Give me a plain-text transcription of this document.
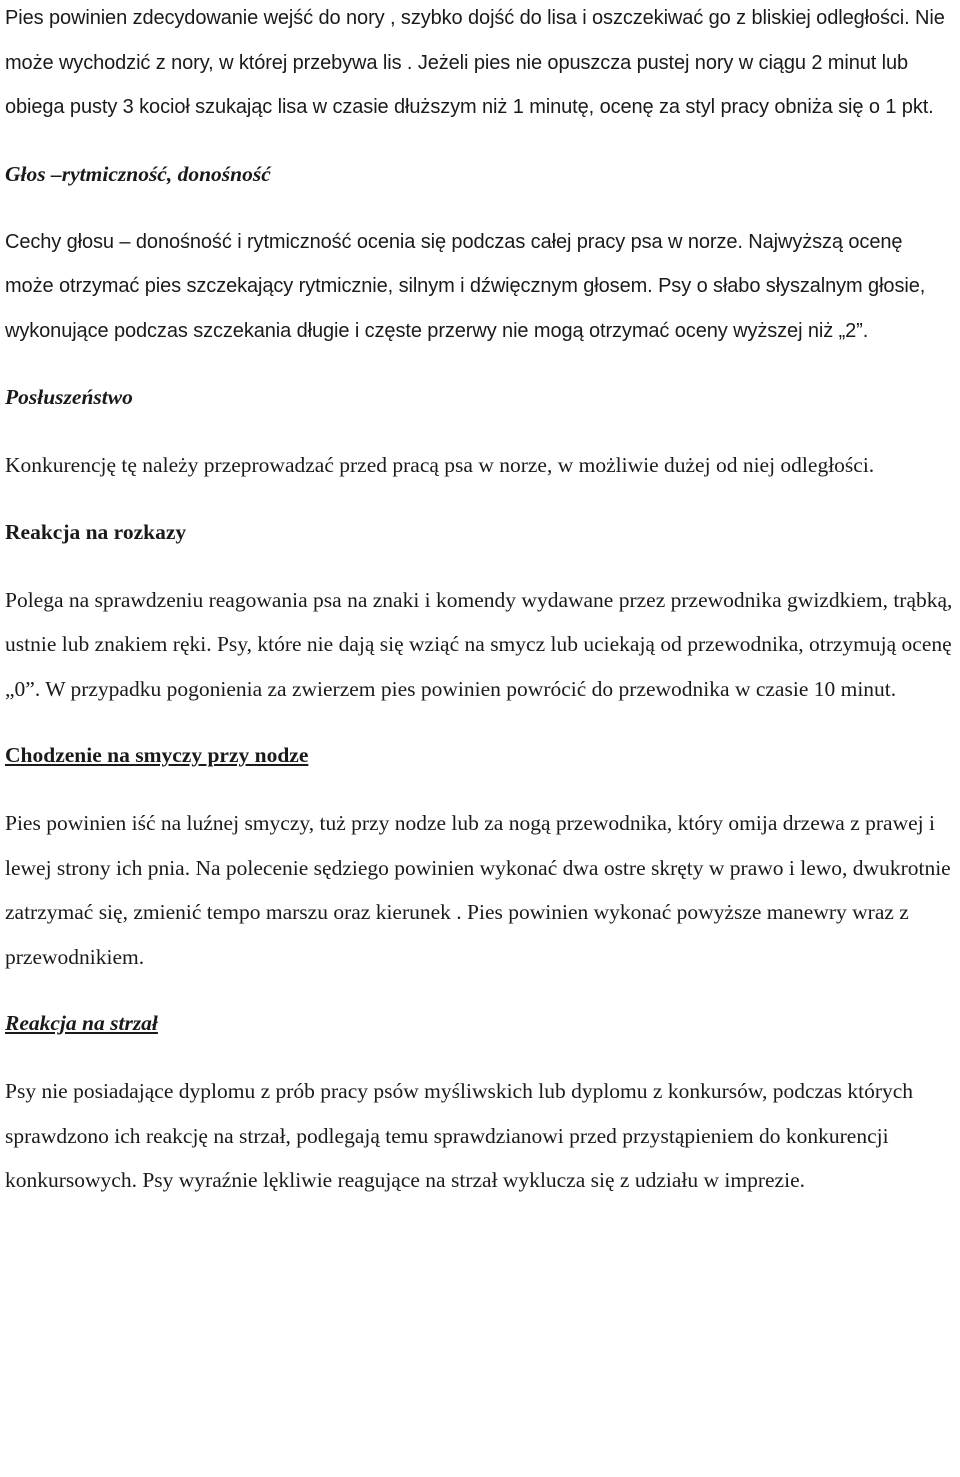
Pies powinien zdecydowanie wejść do nory , szybko dojść do lisa i oszczekiwać go z bliskiej odległości. Nie może wychodzić z nory, w której przebywa lis . Jeżeli pies nie opuszcza pustej nory w ciągu 2 minut lub obiega pusty 3 kocioł szukając lisa w czasie dłuższym niż 1 minutę, ocenę za styl pracy obniża się o 1 pkt.

Głos –rytmiczność, donośność

Cechy głosu – donośność i rytmiczność ocenia się podczas całej pracy psa w norze. Najwyższą ocenę może otrzymać pies szczekający rytmicznie, silnym i dźwięcznym głosem. Psy o słabo słyszalnym głosie, wykonujące podczas szczekania długie i częste przerwy nie mogą otrzymać oceny wyższej niż „2”.

Posłuszeństwo

Konkurencję tę należy przeprowadzać przed pracą psa w norze, w możliwie dużej od niej odległości.

Reakcja na rozkazy

Polega na sprawdzeniu reagowania psa na znaki i komendy wydawane przez przewodnika gwizdkiem, trąbką, ustnie lub znakiem ręki. Psy, które nie dają się wziąć na smycz lub uciekają od przewodnika, otrzymują ocenę „0”. W przypadku pogonienia za zwierzem pies powinien powrócić do przewodnika w czasie 10 minut.

Chodzenie na smyczy przy nodze

Pies powinien iść na luźnej smyczy, tuż przy nodze lub za nogą przewodnika, który omija drzewa z prawej i lewej strony ich pnia. Na polecenie sędziego powinien wykonać dwa ostre skręty w prawo i lewo, dwukrotnie zatrzymać się, zmienić tempo marszu oraz kierunek . Pies powinien wykonać powyższe manewry wraz z przewodnikiem.

Reakcja na strzał

Psy nie posiadające dyplomu z prób pracy psów myśliwskich lub dyplomu z konkursów, podczas których sprawdzono ich reakcję na strzał, podlegają temu sprawdzianowi przed przystąpieniem do konkurencji konkursowych. Psy wyraźnie lękliwie reagujące na strzał wyklucza się z udziału w imprezie.
